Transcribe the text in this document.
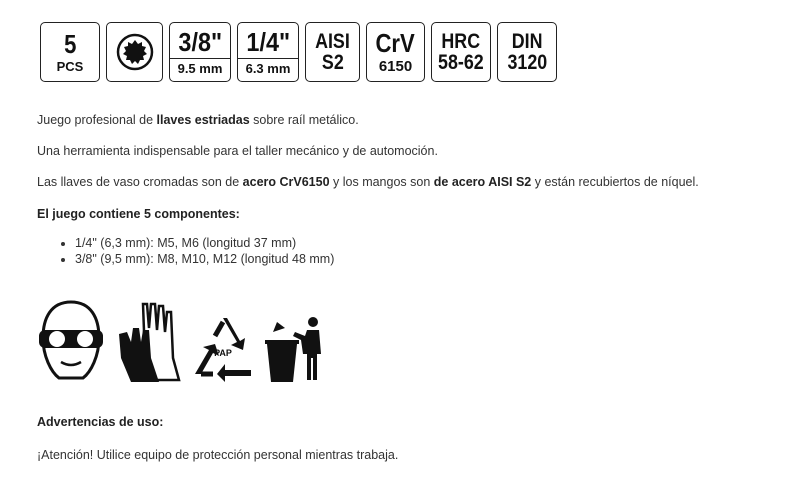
5
PCS
3/8"
9.5 mm
1/4"
6.3 mm
AISI
S2
CrV
6150
HRC
58-62
DIN
3120

Juego profesional de llaves estriadas sobre raíl metálico.

Una herramienta indispensable para el taller mecánico y de automoción.

Las llaves de vaso cromadas son de acero CrV6150 y los mangos son de acero AISI S2 y están recubiertos de níquel.

El juego contiene 5 componentes:

• 1/4" (6,3 mm): M5, M6 (longitud 37 mm)
• 3/8" (9,5 mm): M8, M10, M12 (longitud 48 mm)

Advertencias de uso:

¡Atención! Utilice equipo de protección personal mientras trabaja.

PAP
